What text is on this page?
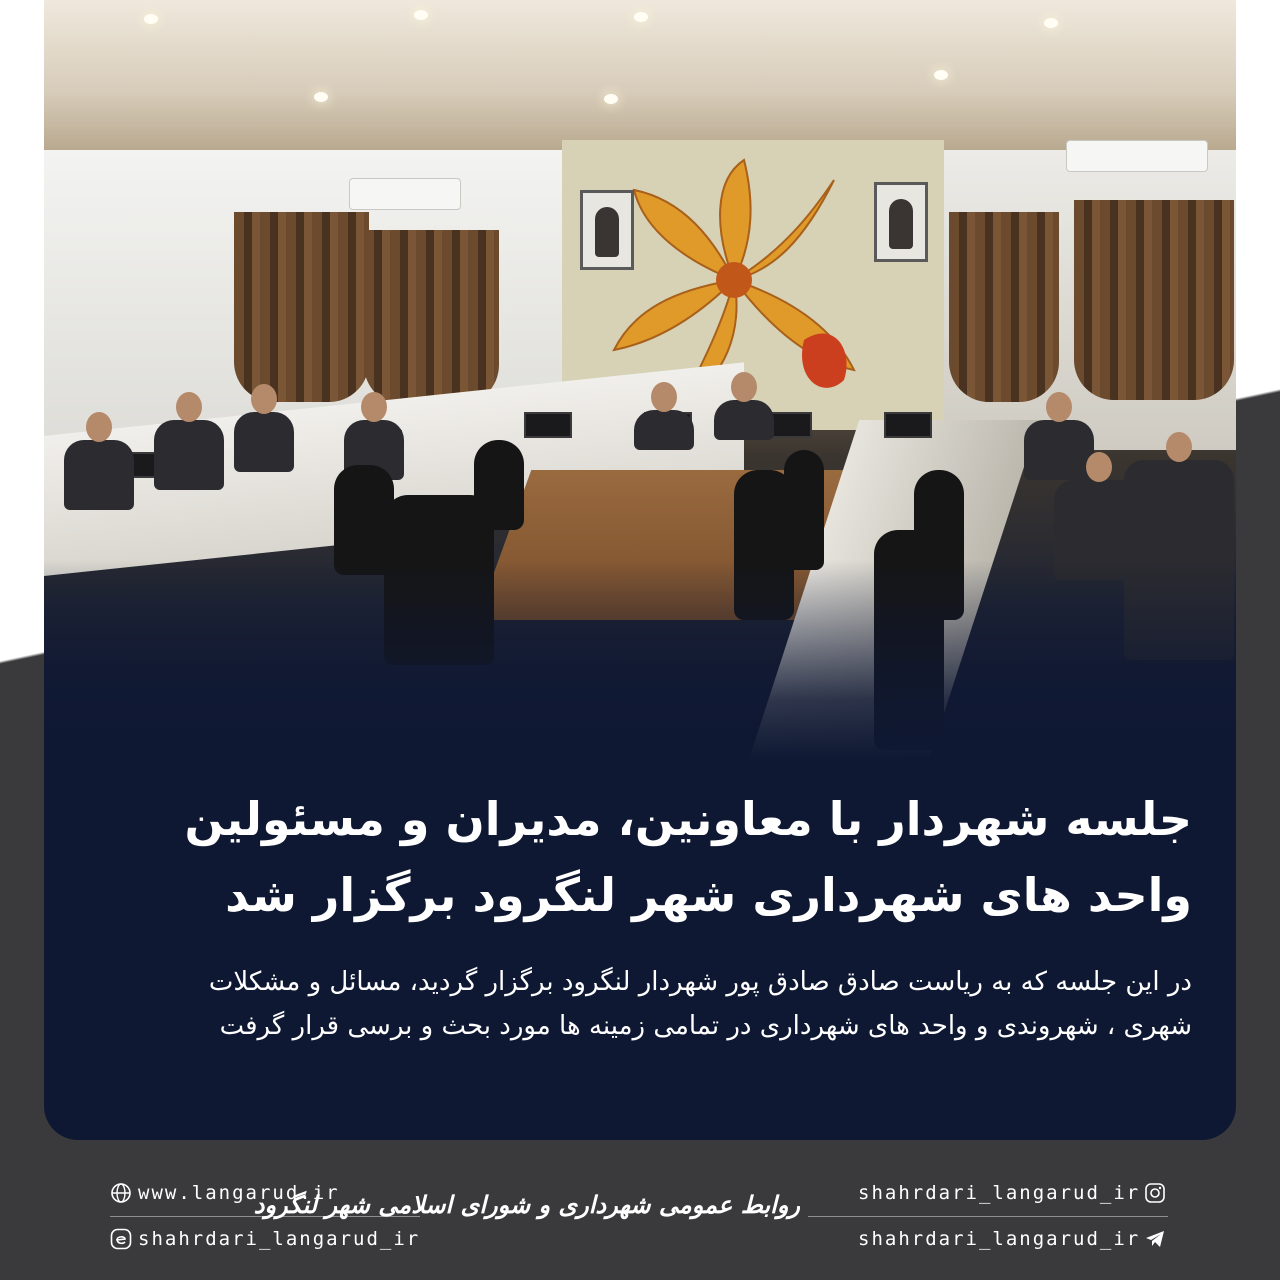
جلسه شهردار با معاونین، مدیران و مسئولین
واحد های شهرداری شهر لنگرود برگزار شد
در این جلسه که به ریاست صادق صادق پور شهردار لنگرود برگزار گردید، مسائل و مشکلات
شهری ، شهروندی و واحد های شهرداری در تمامی زمینه ها مورد بحث و برسی قرار گرفت
www.langarud.ir
shahrdari_langarud_ir
روابط عمومی شهرداری و شورای اسلامی شهر لنگرود	shahrdari_langarud_ir
shahrdari_langarud_ir
